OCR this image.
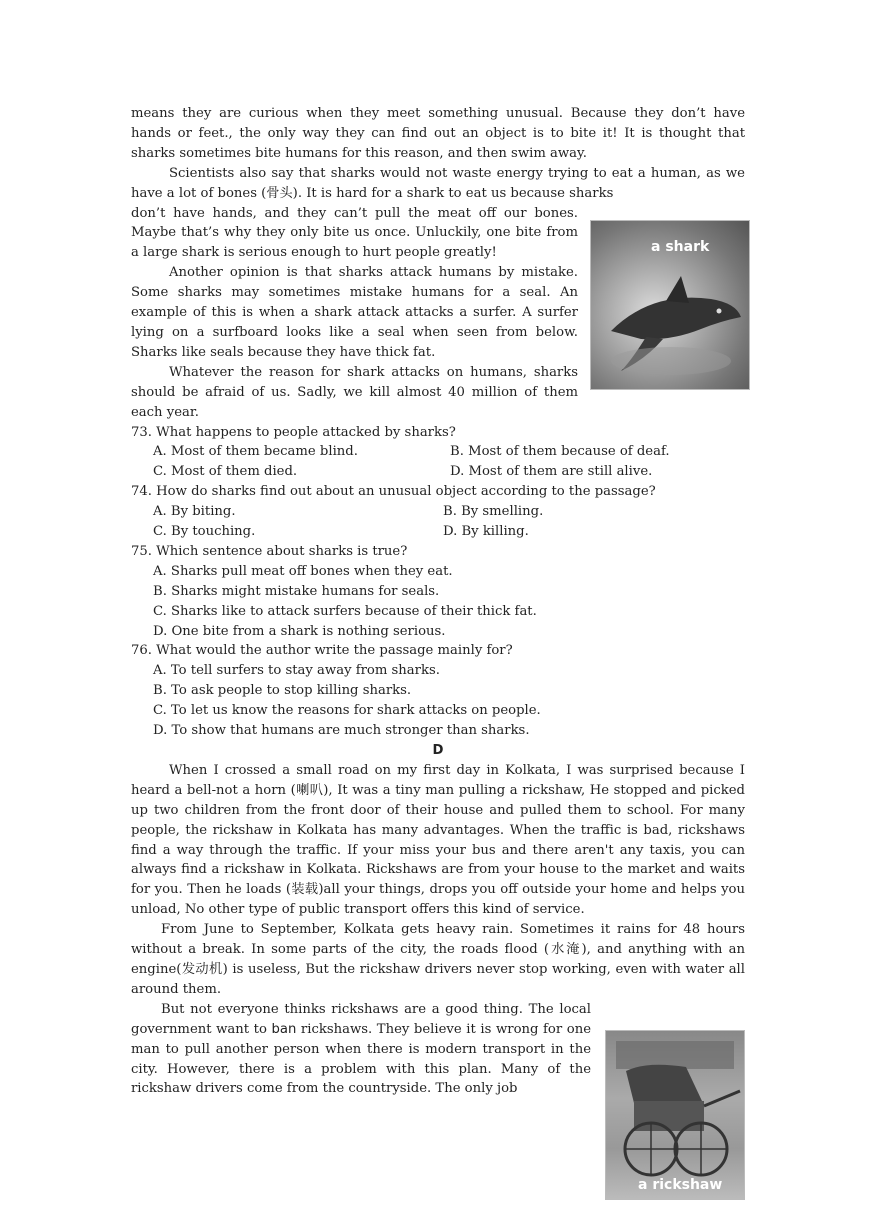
means they are curious when they meet something unusual. Because they don’t have hands or feet., the only way they can find out an object is to bite it! It is thought that sharks sometimes bite humans for this reason, and then swim away.

Scientists also say that sharks would not waste energy trying to eat a human, as we have a lot of bones (骨头). It is hard for a shark to eat us because sharks

don’t have hands, and they can’t pull the meat off our bones. Maybe that’s why they only bite us once. Unluckily, one bite from a large shark is serious enough to hurt people greatly!

Another opinion is that sharks attack humans by mistake. Some sharks may sometimes mistake humans for a seal. An example of this is when a shark attack attacks a surfer. A surfer lying on a surfboard looks like a seal when seen from below. Sharks like seals because they have thick fat.

Whatever the reason for shark attacks on humans, sharks should be afraid of us. Sadly, we kill almost 40 million of them each year.

73. What happens to people attacked by sharks?

A. Most of them became blind.	B. Most of them because of deaf.
C. Most of them died.	D. Most of them are still alive.

74. How do sharks find out about an unusual object according to the passage?

A. By biting.	B. By smelling.
C. By touching.	D. By killing.

75. Which sentence about sharks is true?

A. Sharks pull meat off bones when they eat.

B. Sharks might mistake humans for seals.

C. Sharks like to attack surfers because of their thick fat.

D. One bite from a shark is nothing serious.

76. What would the author write the passage mainly for?

A. To tell surfers to stay away from sharks.

B. To ask people to stop killing sharks.

C. To let us know the reasons for shark attacks on people.

D. To show that humans are much stronger than sharks.

D

When I crossed a small road on my first day in Kolkata, I was surprised because I heard a bell-not a horn (喇叭), It was a tiny man pulling a rickshaw, He stopped and picked up two children from the front door of their house and pulled them to school. For many people, the rickshaw in Kolkata has many advantages. When the traffic is bad, rickshaws find a way through the traffic. If your miss your bus and there aren't any taxis, you can always find a rickshaw in Kolkata. Rickshaws are from your house to the market and waits for you. Then he loads (装载)all your things, drops you off outside your home and helps you unload, No other type of public transport offers this kind of service.

From June to September, Kolkata gets heavy rain. Sometimes it rains for 48 hours without a break. In some parts of the city, the roads flood (水淹), and anything with an engine(发动机) is useless, But the rickshaw drivers never stop working, even with water all around them.

But not everyone thinks rickshaws are a good thing. The local government want to ban rickshaws. They believe it is wrong for one man to pull another person when there is modern transport in the city. However, there is a problem with this plan. Many of the rickshaw drivers come from the countryside. The only job

a shark
a rickshaw
